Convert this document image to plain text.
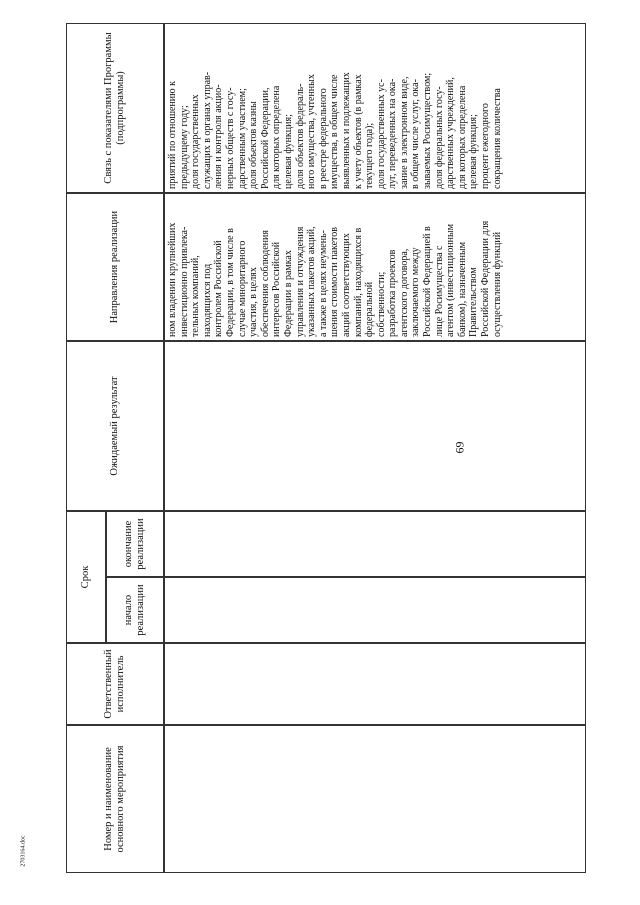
69
Номер и наименование основного мероприятия
Ответственный исполнитель
Срок
начало реализации
окончание реализации
Ожидаемый результат
Направления реализации
Связь с показателями Программы (подпрограммы)
ном владении крупнейших инвестиционно привлека- тельных компаний, находящихся под контролем Российской Федерации, в том числе в случае миноритарного участия, в целях обеспечения соблюдения интересов Российской Федерации в рамках управления и отчуждения указанных пакетов акций, а также в целях неумень- шения стоимости пакетов акций соответствующих компаний, находящихся в федеральной собственности; разработка проектов агентского договора, заключаемого между Российской Федерацией в лице Росимущества с агентом (инвестиционным банком), назначенным Правительством Российской Федерации для осуществления функций
приятий по отношению к предыдущему году; доля государственных служащих в органах управ- ления и контроля акцио- нерных обществ с госу- дарственным участием; доля объектов казны Российской Федерации, для которых определена целевая функция; доля объектов федераль- ного имущества, учтенных в реестре федерального имущества, в общем числе выявленных и подлежащих к учету объектов (в рамках текущего года); доля государственных ус- луг, переведенных на ока- зание в электронном виде, в общем числе услуг, ока- зываемых Росимуществом; доля федеральных госу- дарственных учреждений, для которых определена целевая функция; процент ежегодного сокращения количества
2703164.doc
